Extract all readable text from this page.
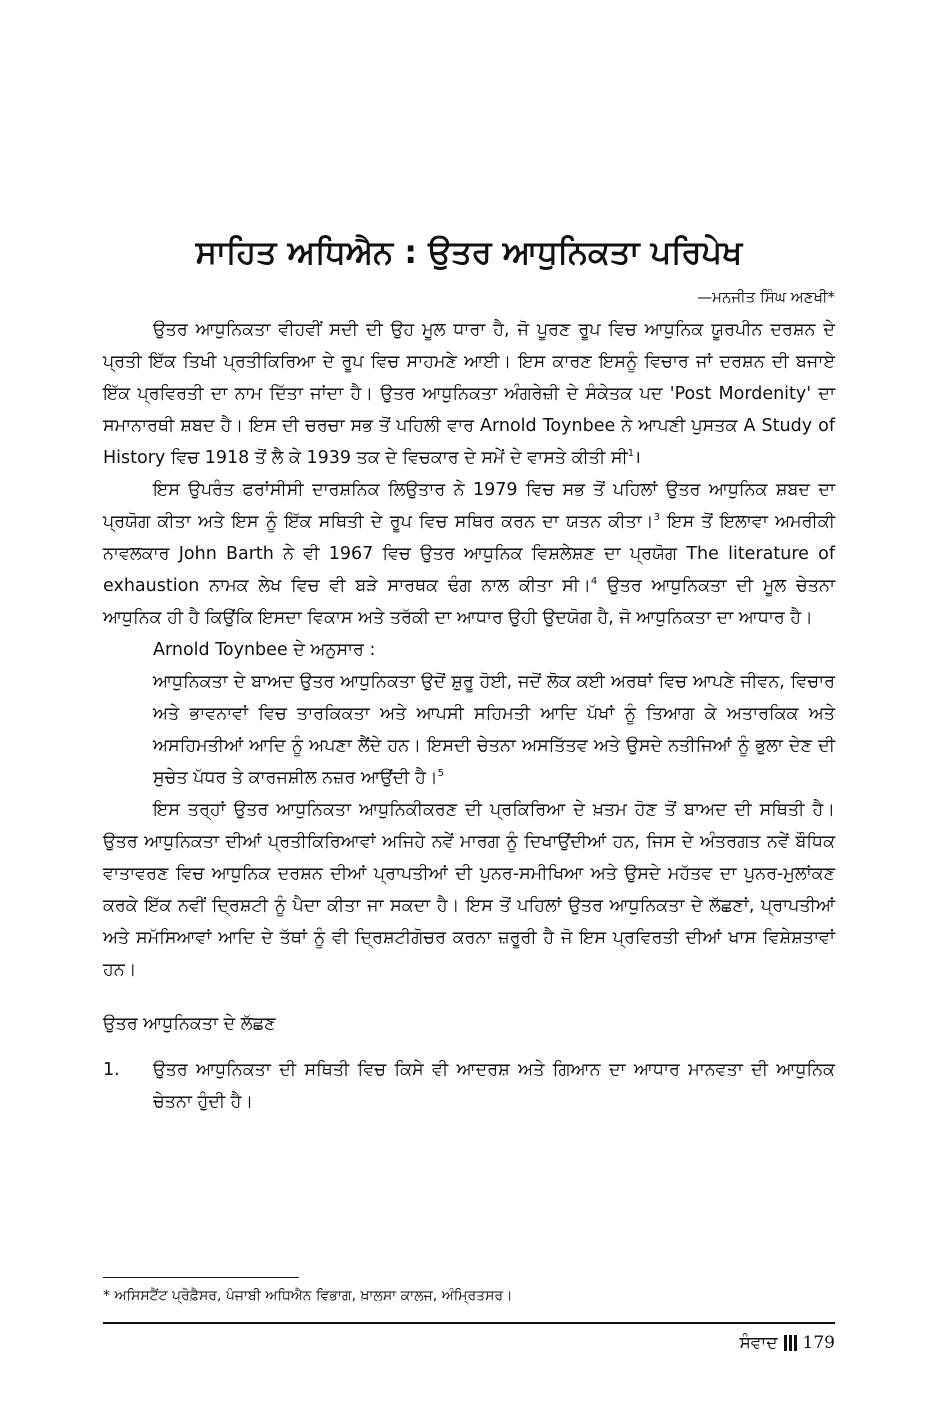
ਸਾਹਿਤ ਅਧਿਐਨ : ਉਤਰ ਆਧੁਨਿਕਤਾ ਪਰਿਪੇਖ
—ਮਨਜੀਤ ਸਿੰਘ ਅਣਖੀ*

ਉਤਰ ਆਧੁਨਿਕਤਾ ਵੀਹਵੀਂ ਸਦੀ ਦੀ ਉਹ ਮੂਲ ਧਾਰਾ ਹੈ, ਜੋ ਪੂਰਣ ਰੂਪ ਵਿਚ ਆਧੁਨਿਕ ਯੂਰਪੀਨ ਦਰਸ਼ਨ ਦੇ ਪ੍ਰਤੀ ਇੱਕ ਤਿਖੀ ਪ੍ਰਤੀਕਿਰਿਆ ਦੇ ਰੂਪ ਵਿਚ ਸਾਹਮਣੇ ਆਈ। ਇਸ ਕਾਰਣ ਇਸਨੂੰ ਵਿਚਾਰ ਜਾਂ ਦਰਸ਼ਨ ਦੀ ਬਜਾਏ ਇੱਕ ਪ੍ਰਵਿਰਤੀ ਦਾ ਨਾਮ ਦਿੱਤਾ ਜਾਂਦਾ ਹੈ। ਉਤਰ ਆਧੁਨਿਕਤਾ ਅੰਗਰੇਜ਼ੀ ਦੇ ਸੰਕੇਤਕ ਪਦ 'Post Mordenity' ਦਾ ਸਮਾਨਾਰਥੀ ਸ਼ਬਦ ਹੈ। ਇਸ ਦੀ ਚਰਚਾ ਸਭ ਤੋਂ ਪਹਿਲੀ ਵਾਰ Arnold Toynbee ਨੇ ਆਪਣੀ ਪੁਸਤਕ A Study of History ਵਿਚ 1918 ਤੋਂ ਲੈ ਕੇ 1939 ਤਕ ਦੇ ਵਿਚਕਾਰ ਦੇ ਸਮੇਂ ਦੇ ਵਾਸਤੇ ਕੀਤੀ ਸੀ$^1$।

ਇਸ ਉਪਰੰਤ ਫਰਾਂਸੀਸੀ ਦਾਰਸ਼ਨਿਕ ਲਿਉਤਾਰ ਨੇ 1979 ਵਿਚ ਸਭ ਤੋਂ ਪਹਿਲਾਂ ਉਤਰ ਆਧੁਨਿਕ ਸ਼ਬਦ ਦਾ ਪ੍ਰਯੋਗ ਕੀਤਾ ਅਤੇ ਇਸ ਨੂੰ ਇੱਕ ਸਥਿਤੀ ਦੇ ਰੂਪ ਵਿਚ ਸਥਿਰ ਕਰਨ ਦਾ ਯਤਨ ਕੀਤਾ।$^3$ ਇਸ ਤੋਂ ਇਲਾਵਾ ਅਮਰੀਕੀ ਨਾਵਲਕਾਰ John Barth ਨੇ ਵੀ 1967 ਵਿਚ ਉਤਰ ਆਧੁਨਿਕ ਵਿਸ਼ਲੇਸ਼ਣ ਦਾ ਪ੍ਰਯੋਗ The literature of exhaustion ਨਾਮਕ ਲੇਖ ਵਿਚ ਵੀ ਬੜੇ ਸਾਰਥਕ ਢੰਗ ਨਾਲ ਕੀਤਾ ਸੀ।$^4$ ਉਤਰ ਆਧੁਨਿਕਤਾ ਦੀ ਮੂਲ ਚੇਤਨਾ ਆਧੁਨਿਕ ਹੀ ਹੈ ਕਿਉਂਕਿ ਇਸਦਾ ਵਿਕਾਸ ਅਤੇ ਤਰੱਕੀ ਦਾ ਆਧਾਰ ਉਹੀ ਉਦਯੋਗ ਹੈ, ਜੋ ਆਧੁਨਿਕਤਾ ਦਾ ਆਧਾਰ ਹੈ।

Arnold Toynbee ਦੇ ਅਨੁਸਾਰ :

ਆਧੁਨਿਕਤਾ ਦੇ ਬਾਅਦ ਉਤਰ ਆਧੁਨਿਕਤਾ ਉਦੋਂ ਸ਼ੁਰੂ ਹੋਈ, ਜਦੋਂ ਲੋਕ ਕਈ ਅਰਥਾਂ ਵਿਚ ਆਪਣੇ ਜੀਵਨ, ਵਿਚਾਰ ਅਤੇ ਭਾਵਨਾਵਾਂ ਵਿਚ ਤਾਰਕਿਕਤਾ ਅਤੇ ਆਪਸੀ ਸਹਿਮਤੀ ਆਦਿ ਪੱਖਾਂ ਨੂੰ ਤਿਆਗ ਕੇ ਅਤਾਰਕਿਕ ਅਤੇ ਅਸਹਿਮਤੀਆਂ ਆਦਿ ਨੂੰ ਅਪਣਾ ਲੈਂਦੇ ਹਨ। ਇਸਦੀ ਚੇਤਨਾ ਅਸਤਿੱਤਵ ਅਤੇ ਉਸਦੇ ਨਤੀਜਿਆਂ ਨੂੰ ਭੁਲਾ ਦੇਣ ਦੀ ਸੁਚੇਤ ਪੱਧਰ ਤੇ ਕਾਰਜਸ਼ੀਲ ਨਜ਼ਰ ਆਉਂਦੀ ਹੈ।$^5$

ਇਸ ਤਰ੍ਹਾਂ ਉਤਰ ਆਧੁਨਿਕਤਾ ਆਧੁਨਿਕੀਕਰਣ ਦੀ ਪ੍ਰਕਿਰਿਆ ਦੇ ਖ਼ਤਮ ਹੋਣ ਤੋਂ ਬਾਅਦ ਦੀ ਸਥਿਤੀ ਹੈ। ਉਤਰ ਆਧੁਨਿਕਤਾ ਦੀਆਂ ਪ੍ਰਤੀਕਿਰਿਆਵਾਂ ਅਜਿਹੇ ਨਵੇਂ ਮਾਰਗ ਨੂੰ ਦਿਖਾਉਂਦੀਆਂ ਹਨ, ਜਿਸ ਦੇ ਅੰਤਰਗਤ ਨਵੇਂ ਬੌਧਿਕ ਵਾਤਾਵਰਣ ਵਿਚ ਆਧੁਨਿਕ ਦਰਸ਼ਨ ਦੀਆਂ ਪ੍ਰਾਪਤੀਆਂ ਦੀ ਪੁਨਰ-ਸਮੀਖਿਆ ਅਤੇ ਉਸਦੇ ਮਹੱਤਵ ਦਾ ਪੁਨਰ-ਮੁਲਾਂਕਣ ਕਰਕੇ ਇੱਕ ਨਵੀਂ ਦ੍ਰਿਸ਼ਟੀ ਨੂੰ ਪੈਦਾ ਕੀਤਾ ਜਾ ਸਕਦਾ ਹੈ। ਇਸ ਤੋਂ ਪਹਿਲਾਂ ਉਤਰ ਆਧੁਨਿਕਤਾ ਦੇ ਲੱਛਣਾਂ, ਪ੍ਰਾਪਤੀਆਂ ਅਤੇ ਸਮੱਸਿਆਵਾਂ ਆਦਿ ਦੇ ਤੱਥਾਂ ਨੂੰ ਵੀ ਦ੍ਰਿਸ਼ਟੀਗੋਚਰ ਕਰਨਾ ਜ਼ਰੂਰੀ ਹੈ ਜੋ ਇਸ ਪ੍ਰਵਿਰਤੀ ਦੀਆਂ ਖਾਸ ਵਿਸ਼ੇਸ਼ਤਾਵਾਂ ਹਨ।

ਉਤਰ ਆਧੁਨਿਕਤਾ ਦੇ ਲੱਛਣ

1.	ਉਤਰ ਆਧੁਨਿਕਤਾ ਦੀ ਸਥਿਤੀ ਵਿਚ ਕਿਸੇ ਵੀ ਆਦਰਸ਼ ਅਤੇ ਗਿਆਨ ਦਾ ਆਧਾਰ ਮਾਨਵਤਾ ਦੀ ਆਧੁਨਿਕ ਚੇਤਨਾ ਹੁੰਦੀ ਹੈ।
* ਅਸਿਸਟੈਂਟ ਪ੍ਰੋਫ਼ੈਸਰ, ਪੰਜਾਬੀ ਅਧਿਐਨ ਵਿਭਾਗ, ਖ਼ਾਲਸਾ ਕਾਲਜ, ਅੰਮ੍ਰਿਤਸਰ।
ਸੰਵਾਦ 179
